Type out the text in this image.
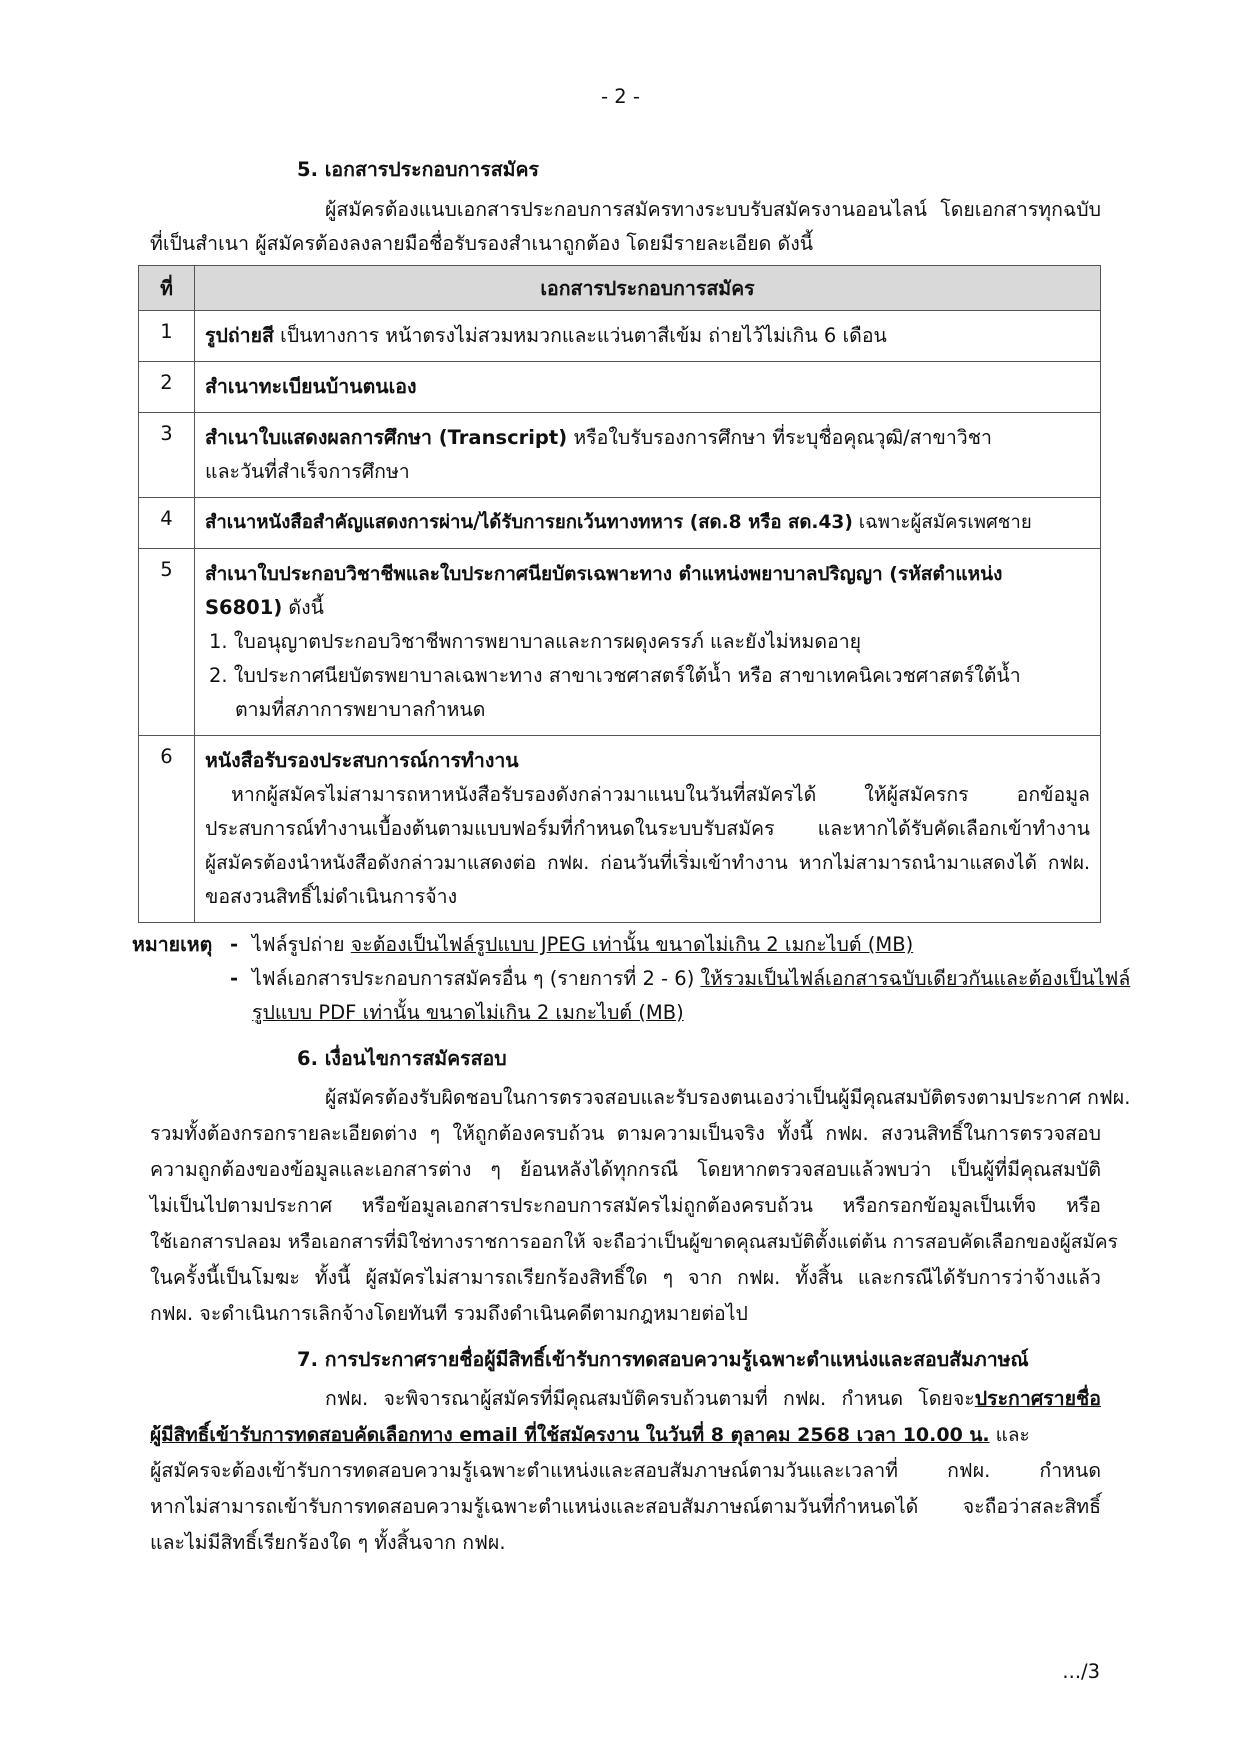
- 2 -
5. เอกสารประกอบการสมัคร
ผู้สมัครต้องแนบเอกสารประกอบการสมัครทางระบบรับสมัครงานออนไลน์ โดยเอกสารทุกฉบับ
ที่เป็นสำเนา ผู้สมัครต้องลงลายมือชื่อรับรองสำเนาถูกต้อง โดยมีรายละเอียด ดังนี้
ที่	เอกสารประกอบการสมัคร
1	รูปถ่ายสี เป็นทางการ หน้าตรงไม่สวมหมวกและแว่นตาสีเข้ม ถ่ายไว้ไม่เกิน 6 เดือน
2	สำเนาทะเบียนบ้านตนเอง
3	สำเนาใบแสดงผลการศึกษา (Transcript) หรือใบรับรองการศึกษา ที่ระบุชื่อคุณวุฒิ/สาขาวิชา
และวันที่สำเร็จการศึกษา

4	สำเนาหนังสือสำคัญแสดงการผ่าน/ได้รับการยกเว้นทางทหาร (สด.8 หรือ สด.43) เฉพาะผู้สมัครเพศชาย
5	สำเนาใบประกอบวิชาชีพและใบประกาศนียบัตรเฉพาะทาง ตำแหน่งพยาบาลปริญญา (รหัสตำแหน่ง
S6801) ดังนี้
1. ใบอนุญาตประกอบวิชาชีพการพยาบาลและการผดุงครรภ์ และยังไม่หมดอายุ
2. ใบประกาศนียบัตรพยาบาลเฉพาะทาง สาขาเวชศาสตร์ใต้น้ำ หรือ สาขาเทคนิคเวชศาสตร์ใต้น้ำ
ตามที่สภาการพยาบาลกำหนด

6	หนังสือรับรองประสบการณ์การทำงาน
หากผู้สมัครไม่สามารถหาหนังสือรับรองดังกล่าวมาแนบในวันที่สมัครได้ ให้ผู้สมัครกร อกข้อมูล
ประสบการณ์ทำงานเบื้องต้นตามแบบฟอร์มที่กำหนดในระบบรับสมัคร และหากได้รับคัดเลือกเข้าทำงาน
ผู้สมัครต้องนำหนังสือดังกล่าวมาแสดงต่อ กฟผ. ก่อนวันที่เริ่มเข้าทำงาน หากไม่สามารถนำมาแสดงได้ กฟผ.
ขอสงวนสิทธิ์ไม่ดำเนินการจ้าง
หมายเหตุ - ไฟล์รูปถ่าย จะต้องเป็นไฟล์รูปแบบ JPEG เท่านั้น ขนาดไม่เกิน 2 เมกะไบต์ (MB)
- ไฟล์เอกสารประกอบการสมัครอื่น ๆ (รายการที่ 2 - 6) ให้รวมเป็นไฟล์เอกสารฉบับเดียวกันและต้องเป็นไฟล์
รูปแบบ PDF เท่านั้น ขนาดไม่เกิน 2 เมกะไบต์ (MB)
6. เงื่อนไขการสมัครสอบ
ผู้สมัครต้องรับผิดชอบในการตรวจสอบและรับรองตนเองว่าเป็นผู้มีคุณสมบัติตรงตามประกาศ กฟผ.
รวมทั้งต้องกรอกรายละเอียดต่าง ๆ ให้ถูกต้องครบถ้วน ตามความเป็นจริง ทั้งนี้ กฟผ. สงวนสิทธิ์ในการตรวจสอบ
ความถูกต้องของข้อมูลและเอกสารต่าง ๆ ย้อนหลังได้ทุกกรณี โดยหากตรวจสอบแล้วพบว่า เป็นผู้ที่มีคุณสมบัติ
ไม่เป็นไปตามประกาศ หรือข้อมูลเอกสารประกอบการสมัครไม่ถูกต้องครบถ้วน หรือกรอกข้อมูลเป็นเท็จ หรือ
ใช้เอกสารปลอม หรือเอกสารที่มิใช่ทางราชการออกให้ จะถือว่าเป็นผู้ขาดคุณสมบัติตั้งแต่ต้น การสอบคัดเลือกของผู้สมัคร
ในครั้งนี้เป็นโมฆะ ทั้งนี้ ผู้สมัครไม่สามารถเรียกร้องสิทธิ์ใด ๆ จาก กฟผ. ทั้งสิ้น และกรณีได้รับการว่าจ้างแล้ว
กฟผ. จะดำเนินการเลิกจ้างโดยทันที รวมถึงดำเนินคดีตามกฎหมายต่อไป
7. การประกาศรายชื่อผู้มีสิทธิ์เข้ารับการทดสอบความรู้เฉพาะตำแหน่งและสอบสัมภาษณ์
กฟผ. จะพิจารณาผู้สมัครที่มีคุณสมบัติครบถ้วนตามที่ กฟผ. กำหนด โดยจะประกาศรายชื่อ
ผู้มีสิทธิ์เข้ารับการทดสอบคัดเลือกทาง email ที่ใช้สมัครงาน ในวันที่ 8 ตุลาคม 2568 เวลา 10.00 น. และ
ผู้สมัครจะต้องเข้ารับการทดสอบความรู้เฉพาะตำแหน่งและสอบสัมภาษณ์ตามวันและเวลาที่ กฟผ. กำหนด
หากไม่สามารถเข้ารับการทดสอบความรู้เฉพาะตำแหน่งและสอบสัมภาษณ์ตามวันที่กำหนดได้ จะถือว่าสละสิทธิ์
และไม่มีสิทธิ์เรียกร้องใด ๆ ทั้งสิ้นจาก กฟผ.
.../3
